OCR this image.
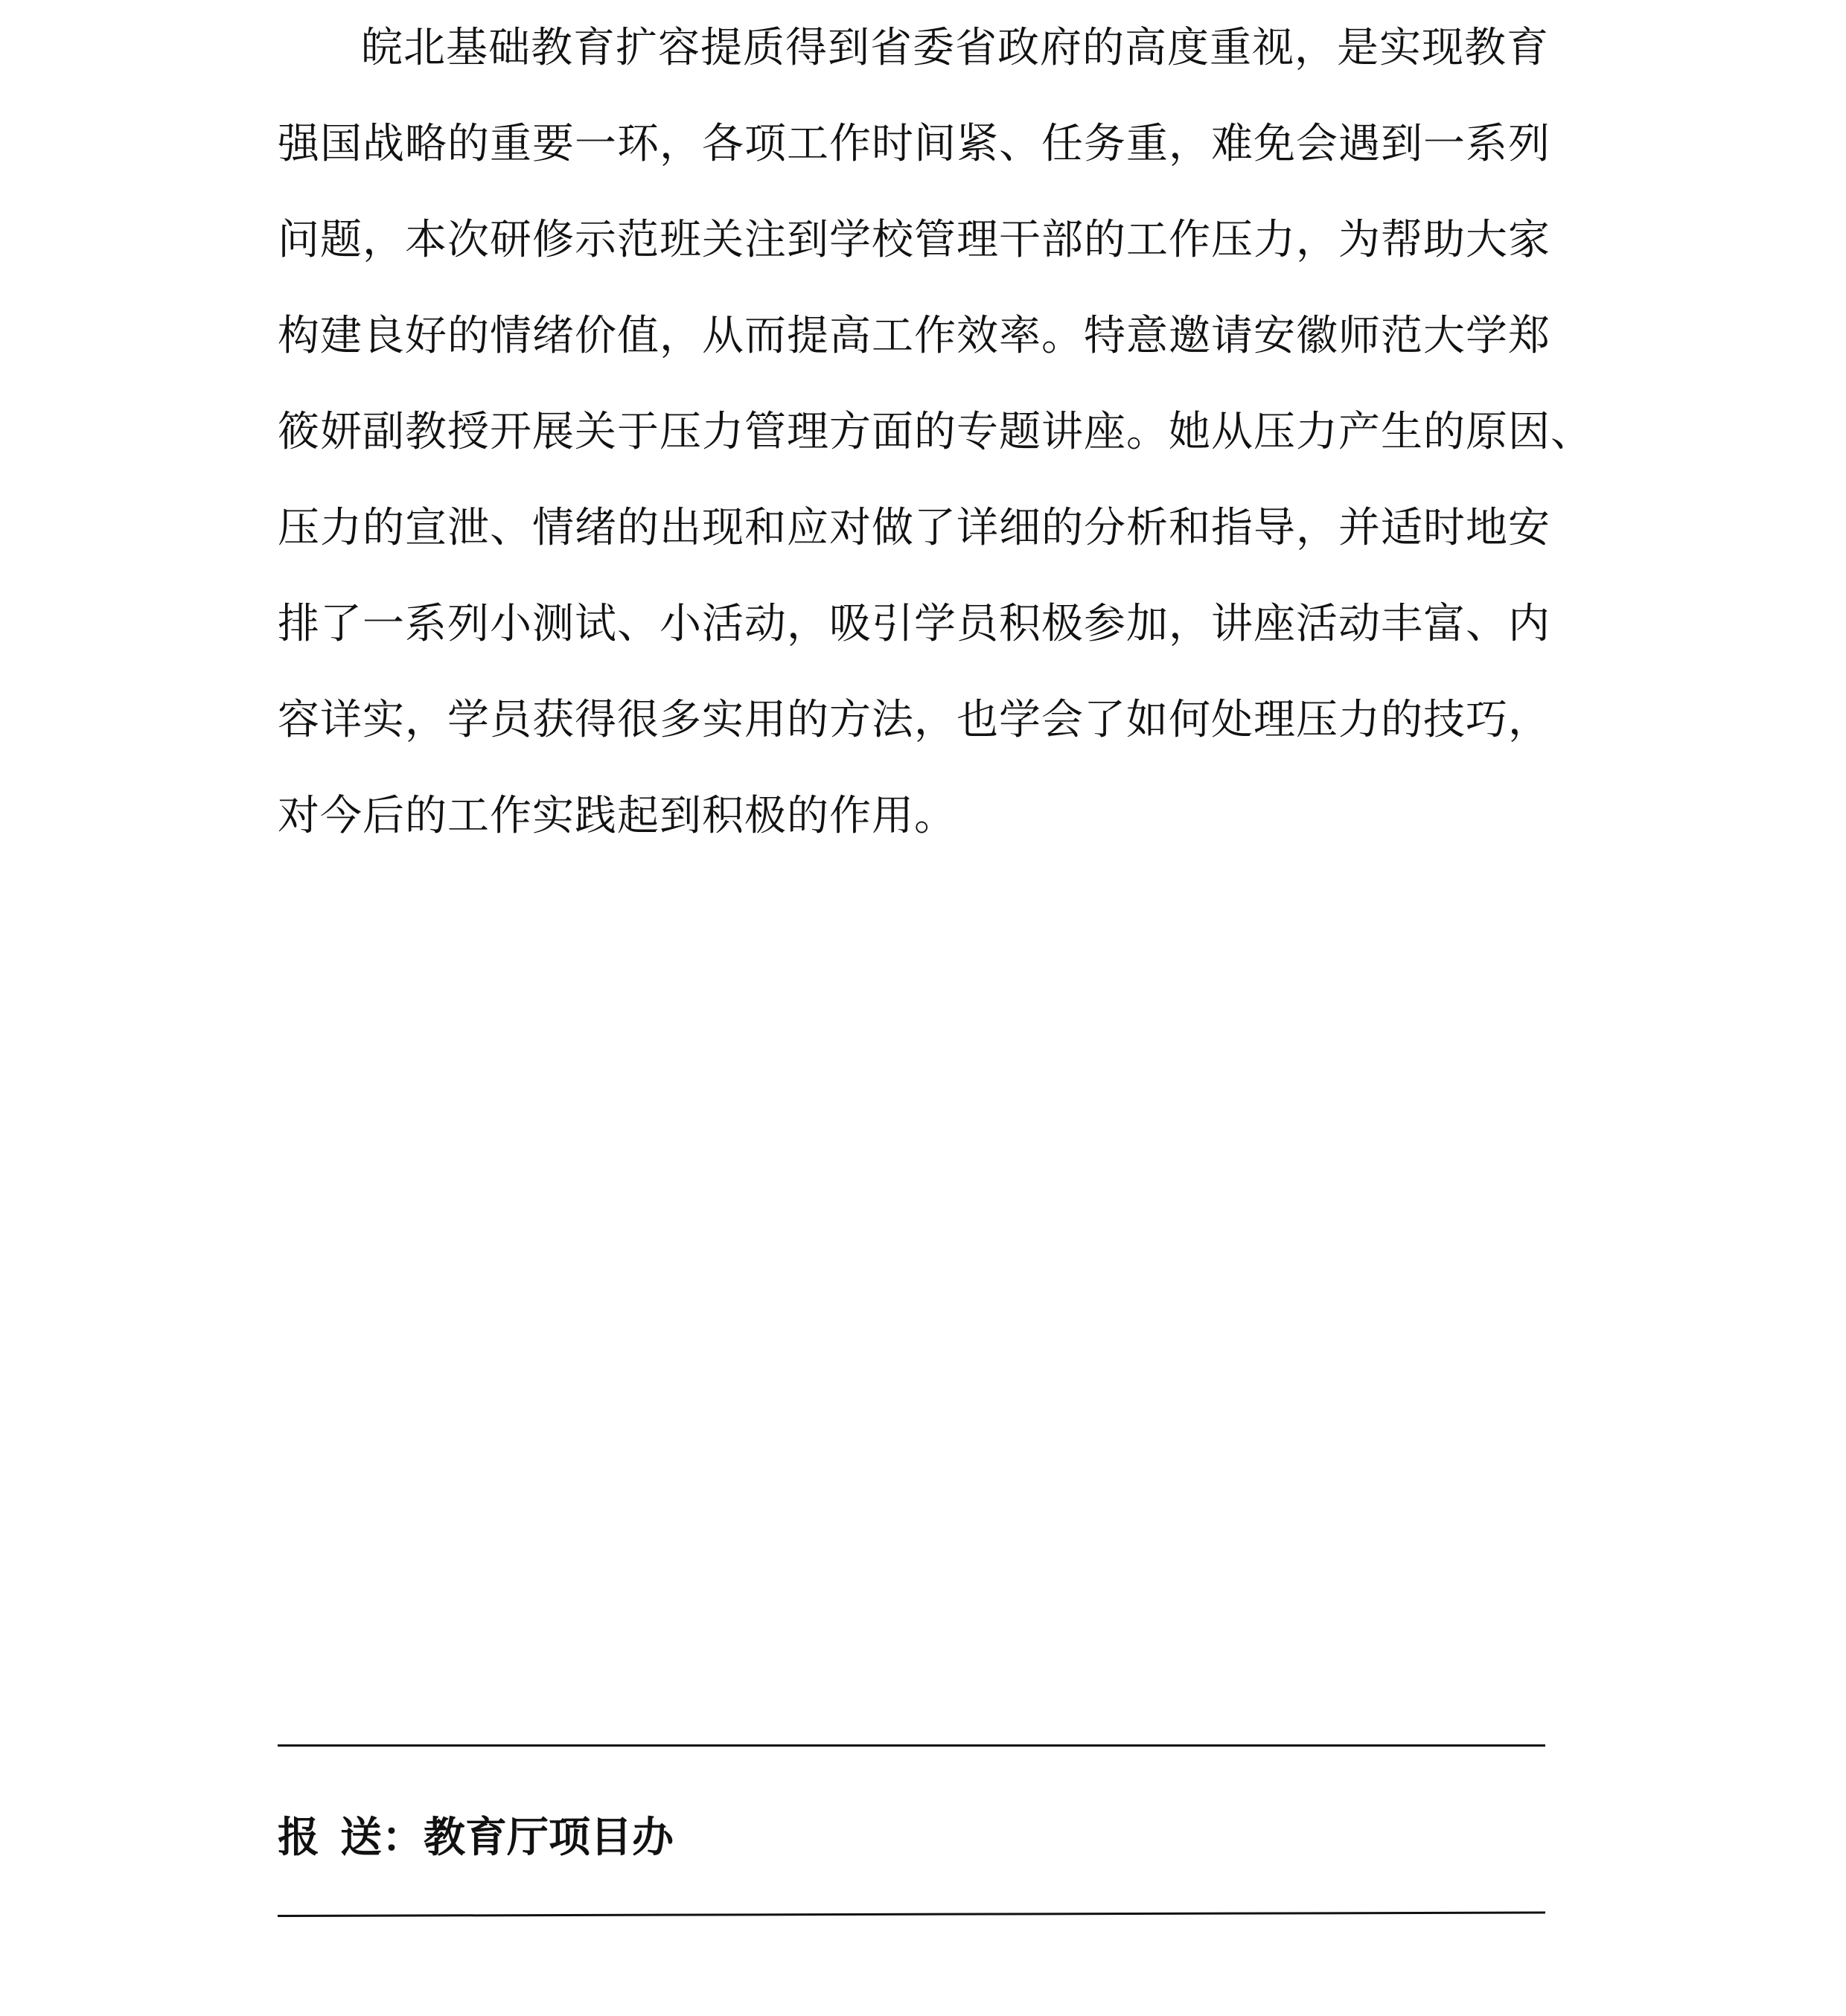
皖北基础教育扩容提质得到省委省政府的高度重视，是实现教育
强国战略的重要一环，各项工作时间紧、任务重，难免会遇到一系列
问题，本次研修示范班关注到学校管理干部的工作压力，为帮助大家
构建良好的情绪价值，从而提高工作效率。特意邀请安徽师范大学郑
筱妍副教授开展关于压力管理方面的专题讲座。她从压力产生的原因、
压力的宣泄、情绪的出现和应对做了详细的分析和指导，并适时地安
排了一系列小测试、小活动，吸引学员积极参加，讲座活动丰富、内
容详实，学员获得很多实用的方法，也学会了如何处理压力的技巧，
对今后的工作实践起到积极的作用。
报 送：教育厅项目办
